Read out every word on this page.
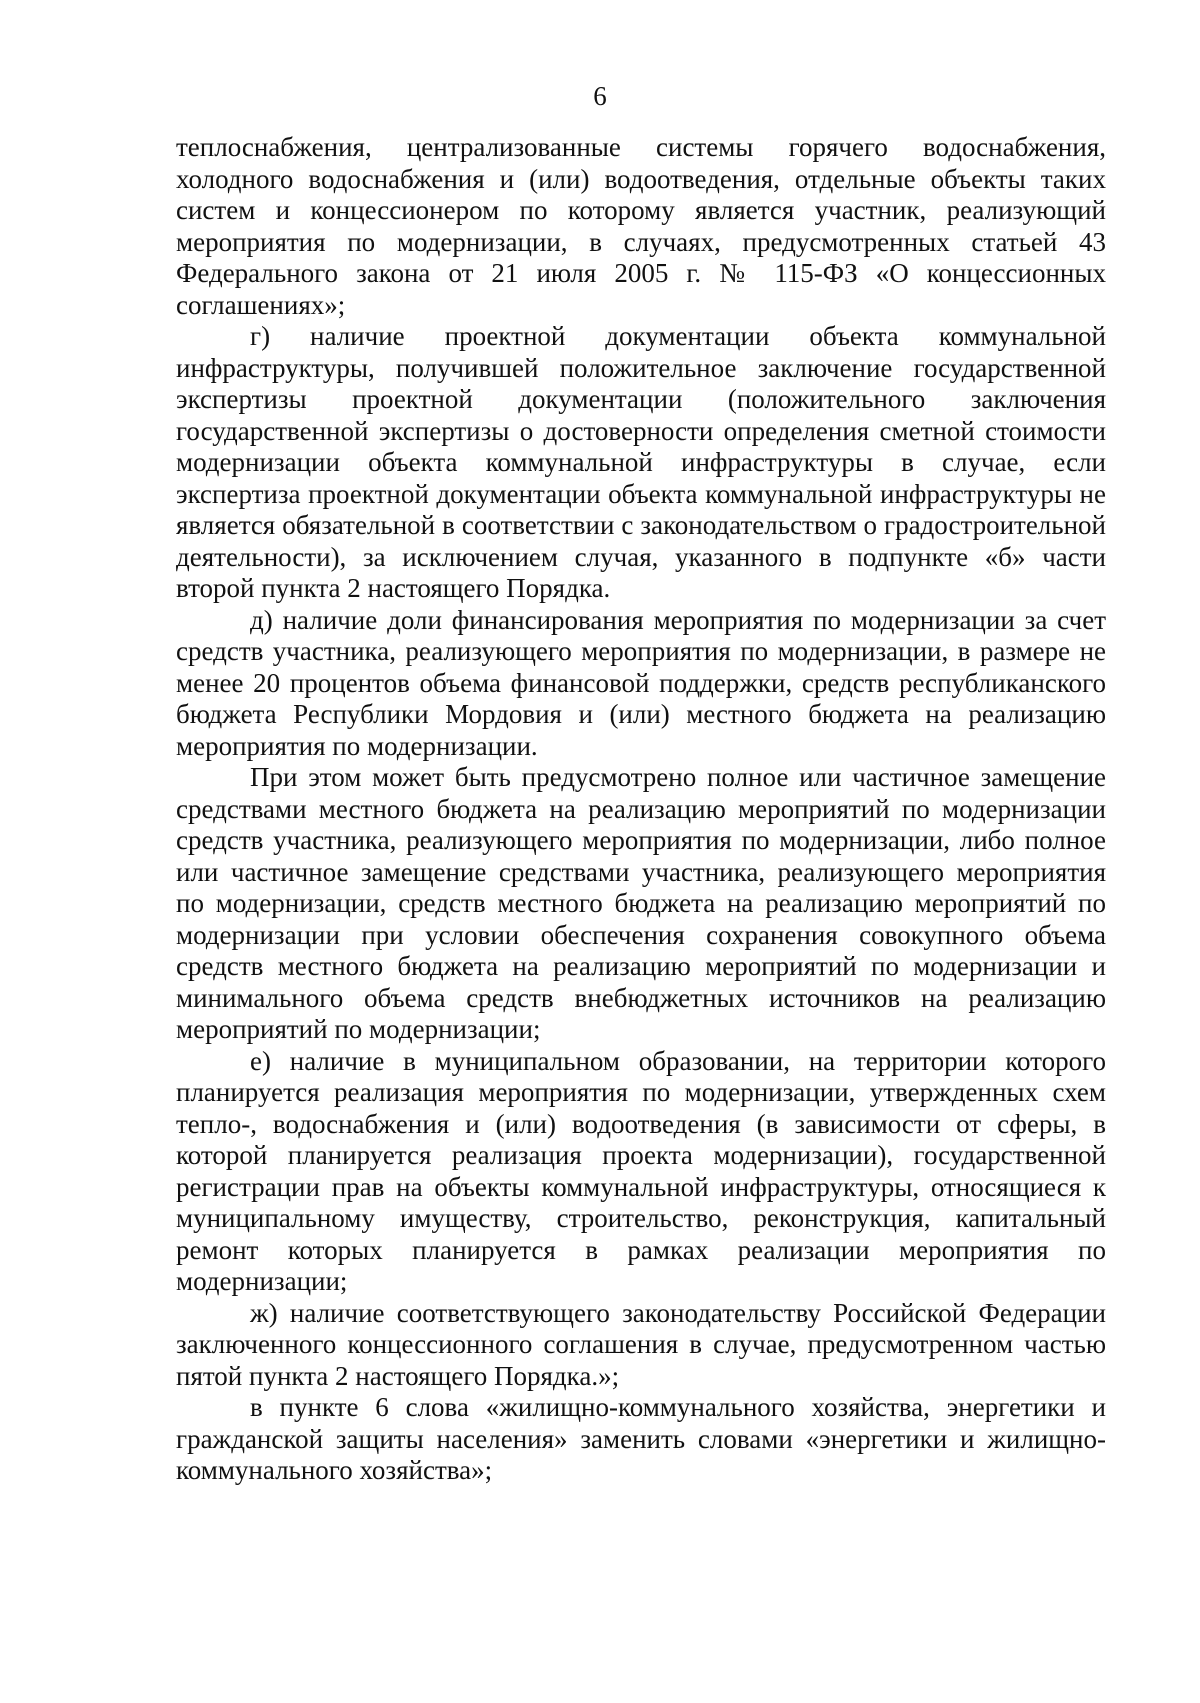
6

теплоснабжения, централизованные системы горячего водоснабжения, холодного водоснабжения и (или) водоотведения, отдельные объекты таких систем и концессионером по которому является участник, реализующий мероприятия по модернизации, в случаях, предусмотренных статьей 43 Федерального закона от 21 июля 2005 г. № 115-ФЗ «О концессионных соглашениях»;

г) наличие проектной документации объекта коммунальной инфраструктуры, получившей положительное заключение государственной экспертизы проектной документации (положительного заключения государственной экспертизы о достоверности определения сметной стоимости модернизации объекта коммунальной инфраструктуры в случае, если экспертиза проектной документации объекта коммунальной инфраструктуры не является обязательной в соответствии с законодательством о градостроительной деятельности), за исключением случая, указанного в подпункте «б» части второй пункта 2 настоящего Порядка.

д) наличие доли финансирования мероприятия по модернизации за счет средств участника, реализующего мероприятия по модернизации, в размере не менее 20 процентов объема финансовой поддержки, средств республиканского бюджета Республики Мордовия и (или) местного бюджета на реализацию мероприятия по модернизации.

При этом может быть предусмотрено полное или частичное замещение средствами местного бюджета на реализацию мероприятий по модернизации средств участника, реализующего мероприятия по модернизации, либо полное или частичное замещение средствами участника, реализующего мероприятия по модернизации, средств местного бюджета на реализацию мероприятий по модернизации при условии обеспечения сохранения совокупного объема средств местного бюджета на реализацию мероприятий по модернизации и минимального объема средств внебюджетных источников на реализацию мероприятий по модернизации;

е) наличие в муниципальном образовании, на территории которого планируется реализация мероприятия по модернизации, утвержденных схем тепло-, водоснабжения и (или) водоотведения (в зависимости от сферы, в которой планируется реализация проекта модернизации), государственной регистрации прав на объекты коммунальной инфраструктуры, относящиеся к муниципальному имуществу, строительство, реконструкция, капитальный ремонт которых планируется в рамках реализации мероприятия по модернизации;

ж) наличие соответствующего законодательству Российской Федерации заключенного концессионного соглашения в случае, предусмотренном частью пятой пункта 2 настоящего Порядка.»;

в пункте 6 слова «жилищно-коммунального хозяйства, энергетики и гражданской защиты населения» заменить словами «энергетики и жилищно-коммунального хозяйства»;
